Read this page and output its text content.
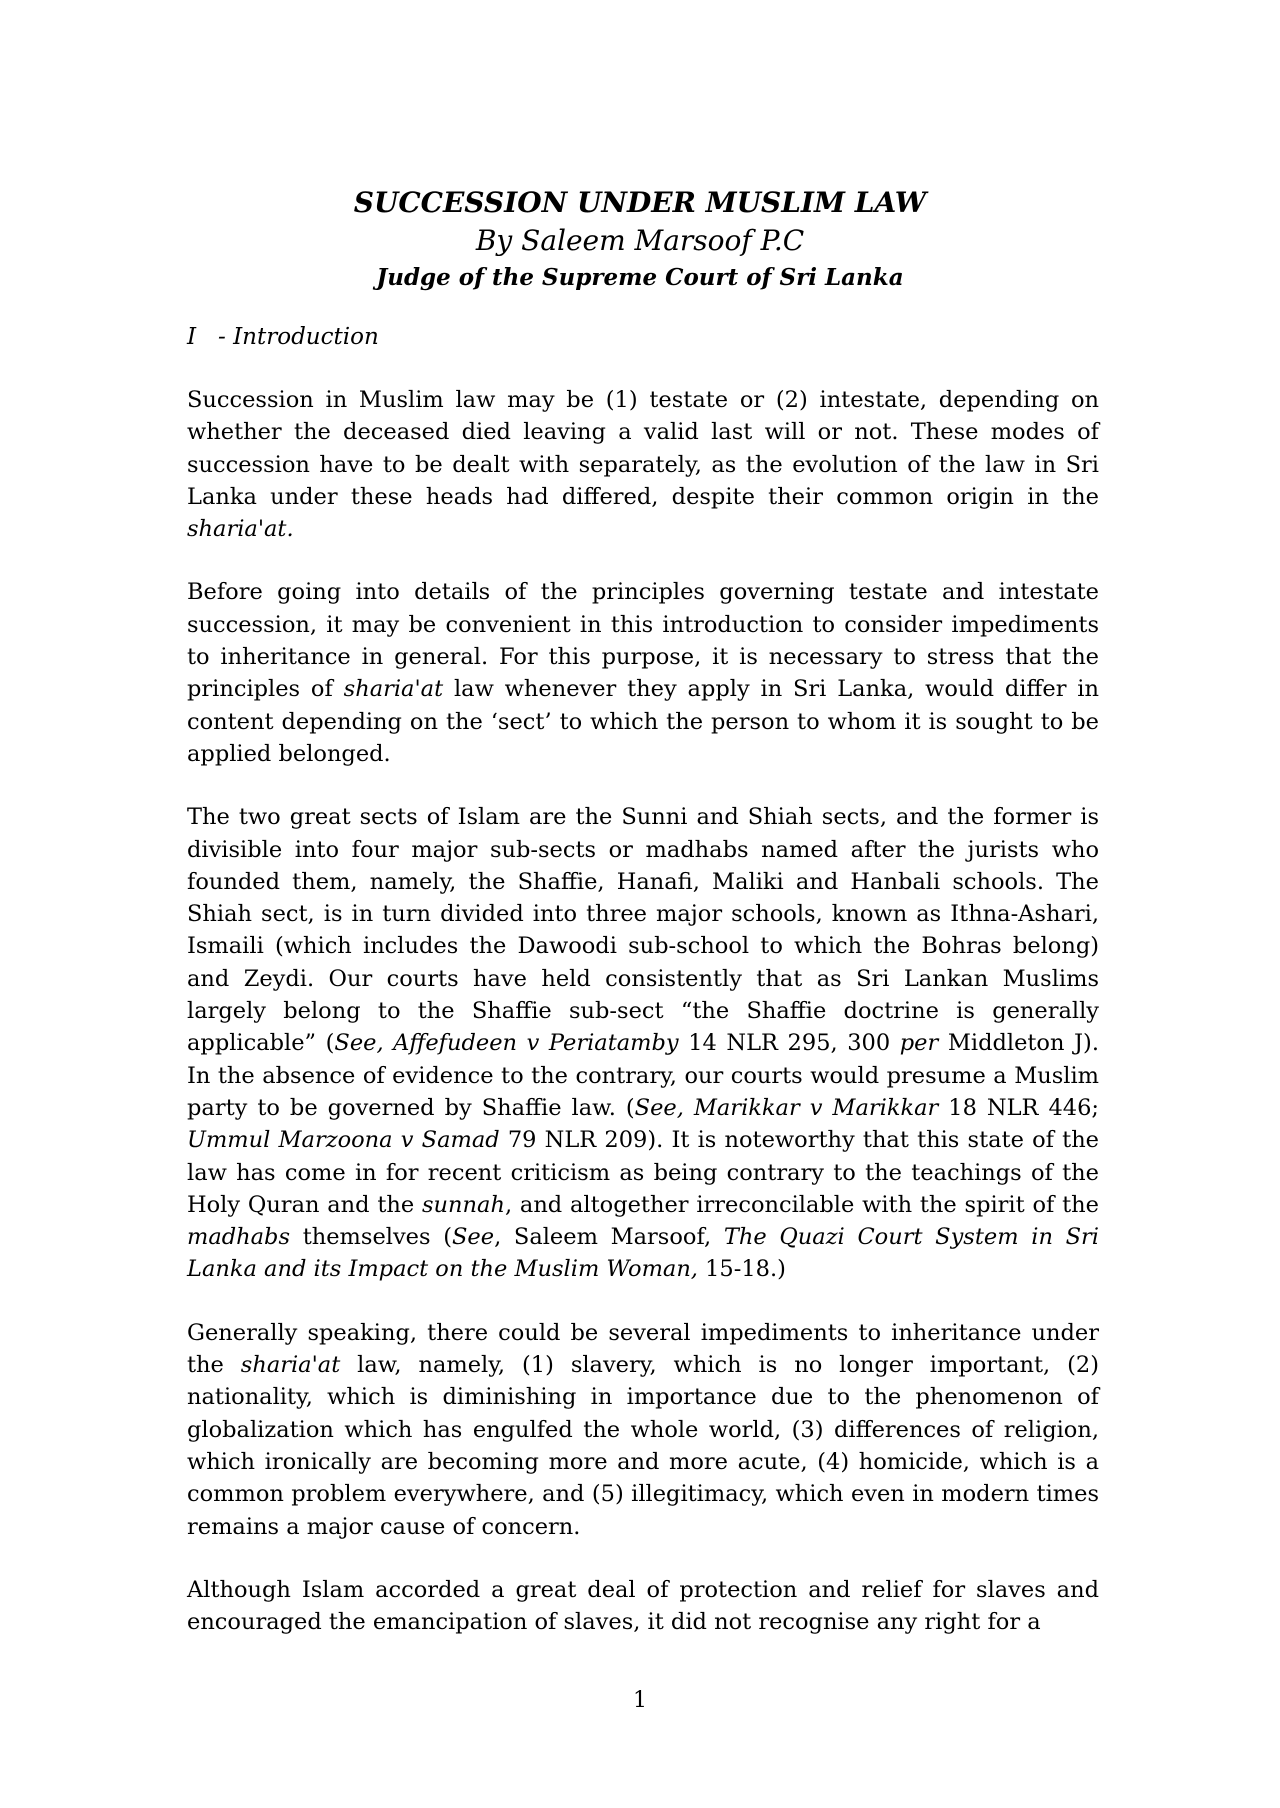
SUCCESSION UNDER MUSLIM LAW
By Saleem Marsoof P.C
Judge of the Supreme Court of Sri Lanka
I   - Introduction

Succession in Muslim law may be (1) testate or (2) intestate, depending on whether the deceased died leaving a valid last will or not. These modes of succession have to be dealt with separately, as the evolution of the law in Sri Lanka under these heads had differed, despite their common origin in the sharia'at.

Before going into details of the principles governing testate and intestate succession, it may be convenient in this introduction to consider impediments to inheritance in general. For this purpose, it is necessary to stress that the principles of sharia'at law whenever they apply in Sri Lanka, would differ in content depending on the ‘sect’ to which the person to whom it is sought to be applied belonged.

The two great sects of Islam are the Sunni and Shiah sects, and the former is divisible into four major sub-sects or madhabs named after the jurists who founded them, namely, the Shaffie, Hanafi, Maliki and Hanbali schools. The Shiah sect, is in turn divided into three major schools, known as Ithna-Ashari, Ismaili (which includes the Dawoodi sub-school to which the Bohras belong) and Zeydi. Our courts have held consistently that as Sri Lankan Muslims largely belong to the Shaffie sub-sect “the Shaffie doctrine is generally applicable” (See, Affefudeen v Periatamby 14 NLR 295, 300 per Middleton J). In the absence of evidence to the contrary, our courts would presume a Muslim party to be governed by Shaffie law. (See, Marikkar v Marikkar 18 NLR 446; Ummul Marzoona v Samad 79 NLR 209). It is noteworthy that this state of the law has come in for recent criticism as being contrary to the teachings of the Holy Quran and the sunnah, and altogether irreconcilable with the spirit of the madhabs themselves (See, Saleem Marsoof, The Quazi Court System in Sri Lanka and its Impact on the Muslim Woman, 15-18.)

Generally speaking, there could be several impediments to inheritance under the sharia'at law, namely, (1) slavery, which is no longer important, (2) nationality, which is diminishing in importance due to the phenomenon of globalization which has engulfed the whole world, (3) differences of religion, which ironically are becoming more and more acute, (4) homicide, which is a common problem everywhere, and (5) illegitimacy, which even in modern times remains a major cause of concern.

Although Islam accorded a great deal of protection and relief for slaves and encouraged the emancipation of slaves, it did not recognise any right for a

1
